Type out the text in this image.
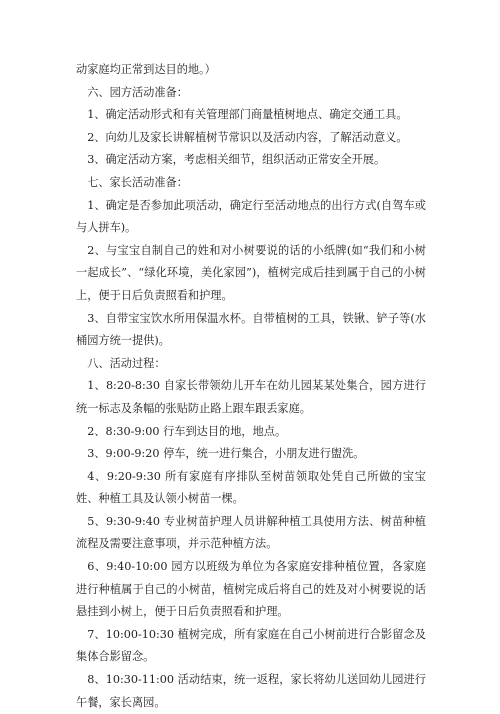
动家庭均正常到达目的地。）

六、园方活动准备：

1、确定活动形式和有关管理部门商量植树地点、确定交通工具。

2、向幼儿及家长讲解植树节常识以及活动内容，了解活动意义。

3、确定活动方案，考虑相关细节，组织活动正常安全开展。

七、家长活动准备：

1、确定是否参加此项活动，确定行至活动地点的出行方式(自驾车或与人拼车)。

2、与宝宝自制自己的姓和对小树要说的话的小纸牌(如“我们和小树一起成长”、“绿化环境，美化家园”)，植树完成后挂到属于自己的小树上，便于日后负责照看和护理。

3、自带宝宝饮水所用保温水杯。自带植树的工具，铁锹、铲子等(水桶园方统一提供)。

八、活动过程：

1、8:20-8:30 自家长带领幼儿开车在幼儿园某某处集合，园方进行统一标志及条幅的张贴防止路上跟车跟丢家庭。

2、8:30-9:00 行车到达目的地，地点。

3、9:00-9:20 停车，统一进行集合，小朋友进行盥洗。

4、9:20-9:30 所有家庭有序排队至树苗领取处凭自己所做的宝宝姓、种植工具及认领小树苗一棵。

5、9:30-9:40 专业树苗护理人员讲解种植工具使用方法、树苗种植流程及需要注意事项，并示范种植方法。

6、9:40-10:00 园方以班级为单位为各家庭安排种植位置，各家庭进行种植属于自己的小树苗，植树完成后将自己的姓及对小树要说的话悬挂到小树上，便于日后负责照看和护理。

7、10:00-10:30 植树完成，所有家庭在自己小树前进行合影留念及集体合影留念。

8、10:30-11:00 活动结束，统一返程，家长将幼儿送回幼儿园进行午餐，家长离园。
